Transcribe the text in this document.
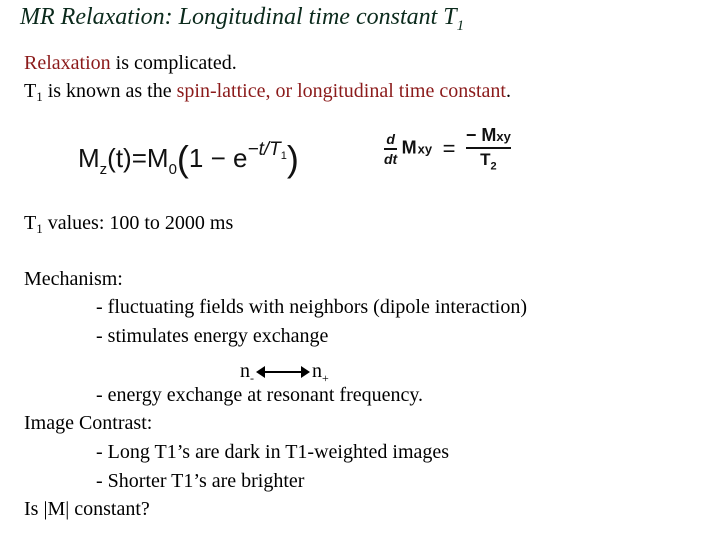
MR Relaxation: Longitudinal time constant $T_1$
Relaxation is complicated.
$T_1$ is known as the spin-lattice, or longitudinal time constant.
$M_z(t)=M_0(1 - e^{-t/T_1})$	$\frac{d}{dt}$ Mxy = $\frac{\text{− Mxy}}{T_2}$
$T_1$ values: 100 to 2000 ms
Mechanism:
- fluctuating fields with neighbors (dipole interaction)
- stimulates energy exchange
$n_-$	$n_+$
- energy exchange at resonant frequency.
Image Contrast:
- Long T1’s are dark in T1-weighted images
- Shorter T1’s are brighter
Is |M| constant?
